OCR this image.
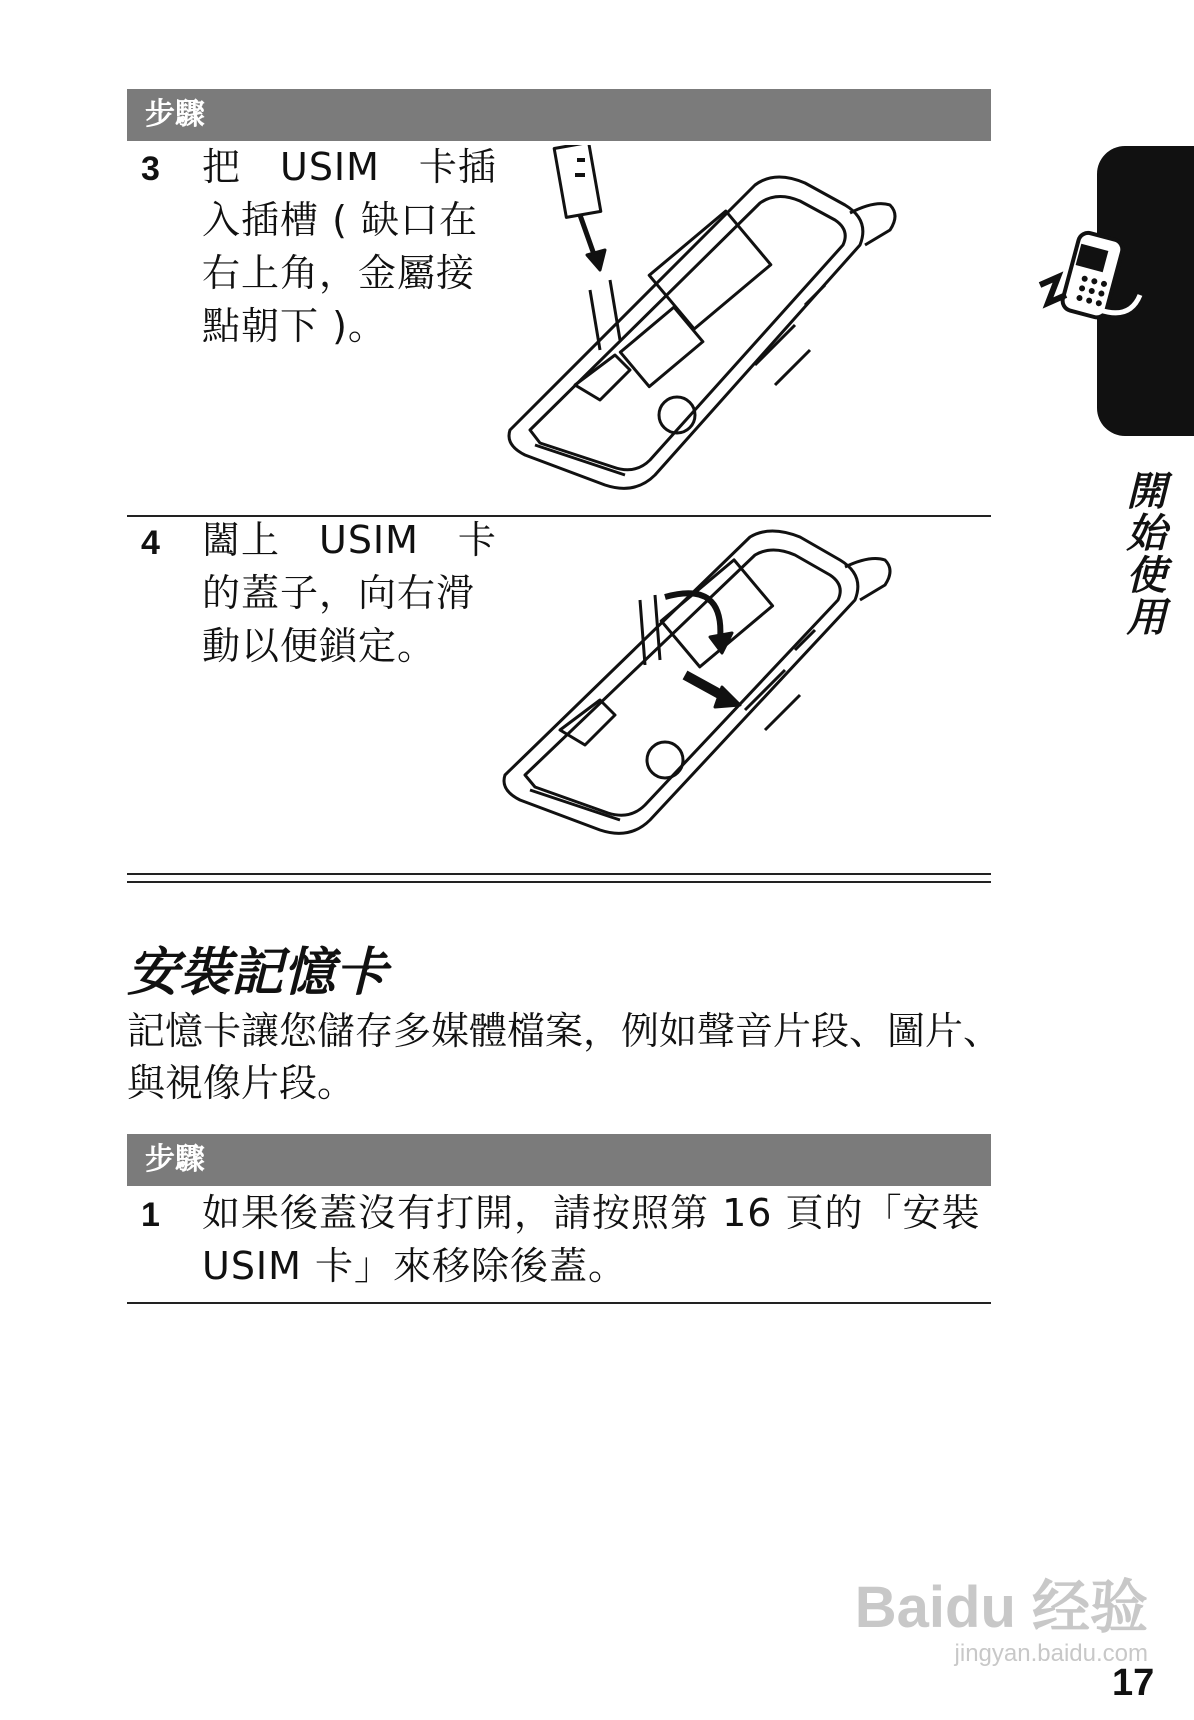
步驟
3 把　USIM　卡插
入插槽 ( 缺口在
右上角，金屬接
點朝下 )。
4 闔上　USIM　卡
的蓋子，向右滑
動以便鎖定。
安裝記憶卡
記憶卡讓您儲存多媒體檔案，例如聲音片段、圖片、
與視像片段。
步驟
1 如果後蓋沒有打開，請按照第 16 頁的「安裝
USIM 卡」來移除後蓋。
開始使用
Baidu 经验
jingyan.baidu.com
17
